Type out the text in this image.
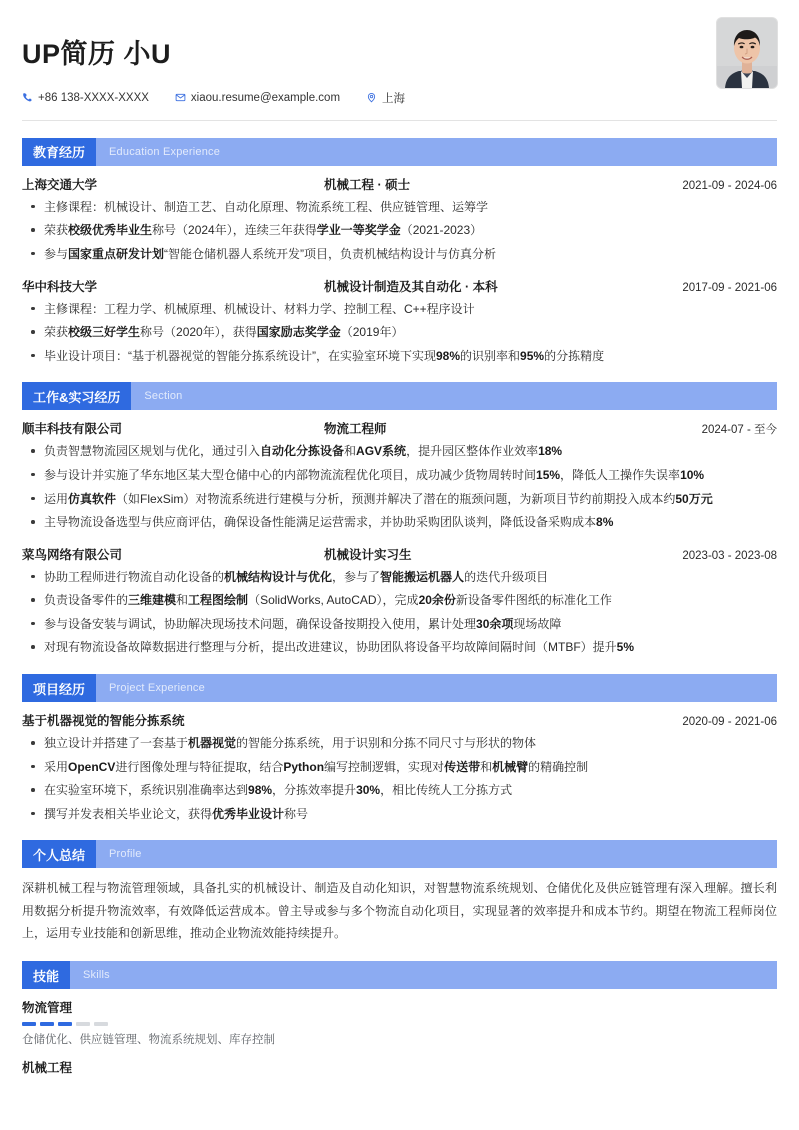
UP简历 小U
+86 138-XXXX-XXXX	xiaou.resume@example.com	上海
教育经历	Education Experience
上海交通大学	机械工程 · 硕士	2021-09 - 2024-06
主修课程：机械设计、制造工艺、自动化原理、物流系统工程、供应链管理、运筹学
荣获校级优秀毕业生称号（2024年），连续三年获得学业一等奖学金（2021-2023）
参与国家重点研发计划“智能仓储机器人系统开发”项目，负责机械结构设计与仿真分析
华中科技大学	机械设计制造及其自动化 · 本科	2017-09 - 2021-06
主修课程：工程力学、机械原理、机械设计、材料力学、控制工程、C++程序设计
荣获校级三好学生称号（2020年），获得国家励志奖学金（2019年）
毕业设计项目：“基于机器视觉的智能分拣系统设计”，在实验室环境下实现98%的识别率和95%的分拣精度
工作&实习经历	Section
顺丰科技有限公司	物流工程师	2024-07 - 至今
负责智慧物流园区规划与优化，通过引入自动化分拣设备和AGV系统，提升园区整体作业效率18%
参与设计并实施了华东地区某大型仓储中心的内部物流流程优化项目，成功减少货物周转时间15%，降低人工操作失误率10%
运用仿真软件（如FlexSim）对物流系统进行建模与分析，预测并解决了潜在的瓶颈问题，为新项目节约前期投入成本约50万元
主导物流设备选型与供应商评估，确保设备性能满足运营需求，并协助采购团队谈判，降低设备采购成本8%
菜鸟网络有限公司	机械设计实习生	2023-03 - 2023-08
协助工程师进行物流自动化设备的机械结构设计与优化，参与了智能搬运机器人的迭代升级项目
负责设备零件的三维建模和工程图绘制（SolidWorks, AutoCAD），完成20余份新设备零件图纸的标准化工作
参与设备安装与调试，协助解决现场技术问题，确保设备按期投入使用，累计处理30余项现场故障
对现有物流设备故障数据进行整理与分析，提出改进建议，协助团队将设备平均故障间隔时间（MTBF）提升5%
项目经历	Project Experience
基于机器视觉的智能分拣系统	2020-09 - 2021-06
独立设计并搭建了一套基于机器视觉的智能分拣系统，用于识别和分拣不同尺寸与形状的物体
采用OpenCV进行图像处理与特征提取，结合Python编写控制逻辑，实现对传送带和机械臂的精确控制
在实验室环境下，系统识别准确率达到98%，分拣效率提升30%，相比传统人工分拣方式
撰写并发表相关毕业论文，获得优秀毕业设计称号
个人总结	Profile
深耕机械工程与物流管理领域，具备扎实的机械设计、制造及自动化知识，对智慧物流系统规划、仓储优化及供应链管理有深入理解。擅长利用数据分析提升物流效率，有效降低运营成本。曾主导或参与多个物流自动化项目，实现显著的效率提升和成本节约。期望在物流工程师岗位上，运用专业技能和创新思维，推动企业物流效能持续提升。
技能	Skills
物流管理
仓储优化、供应链管理、物流系统规划、库存控制
机械工程
